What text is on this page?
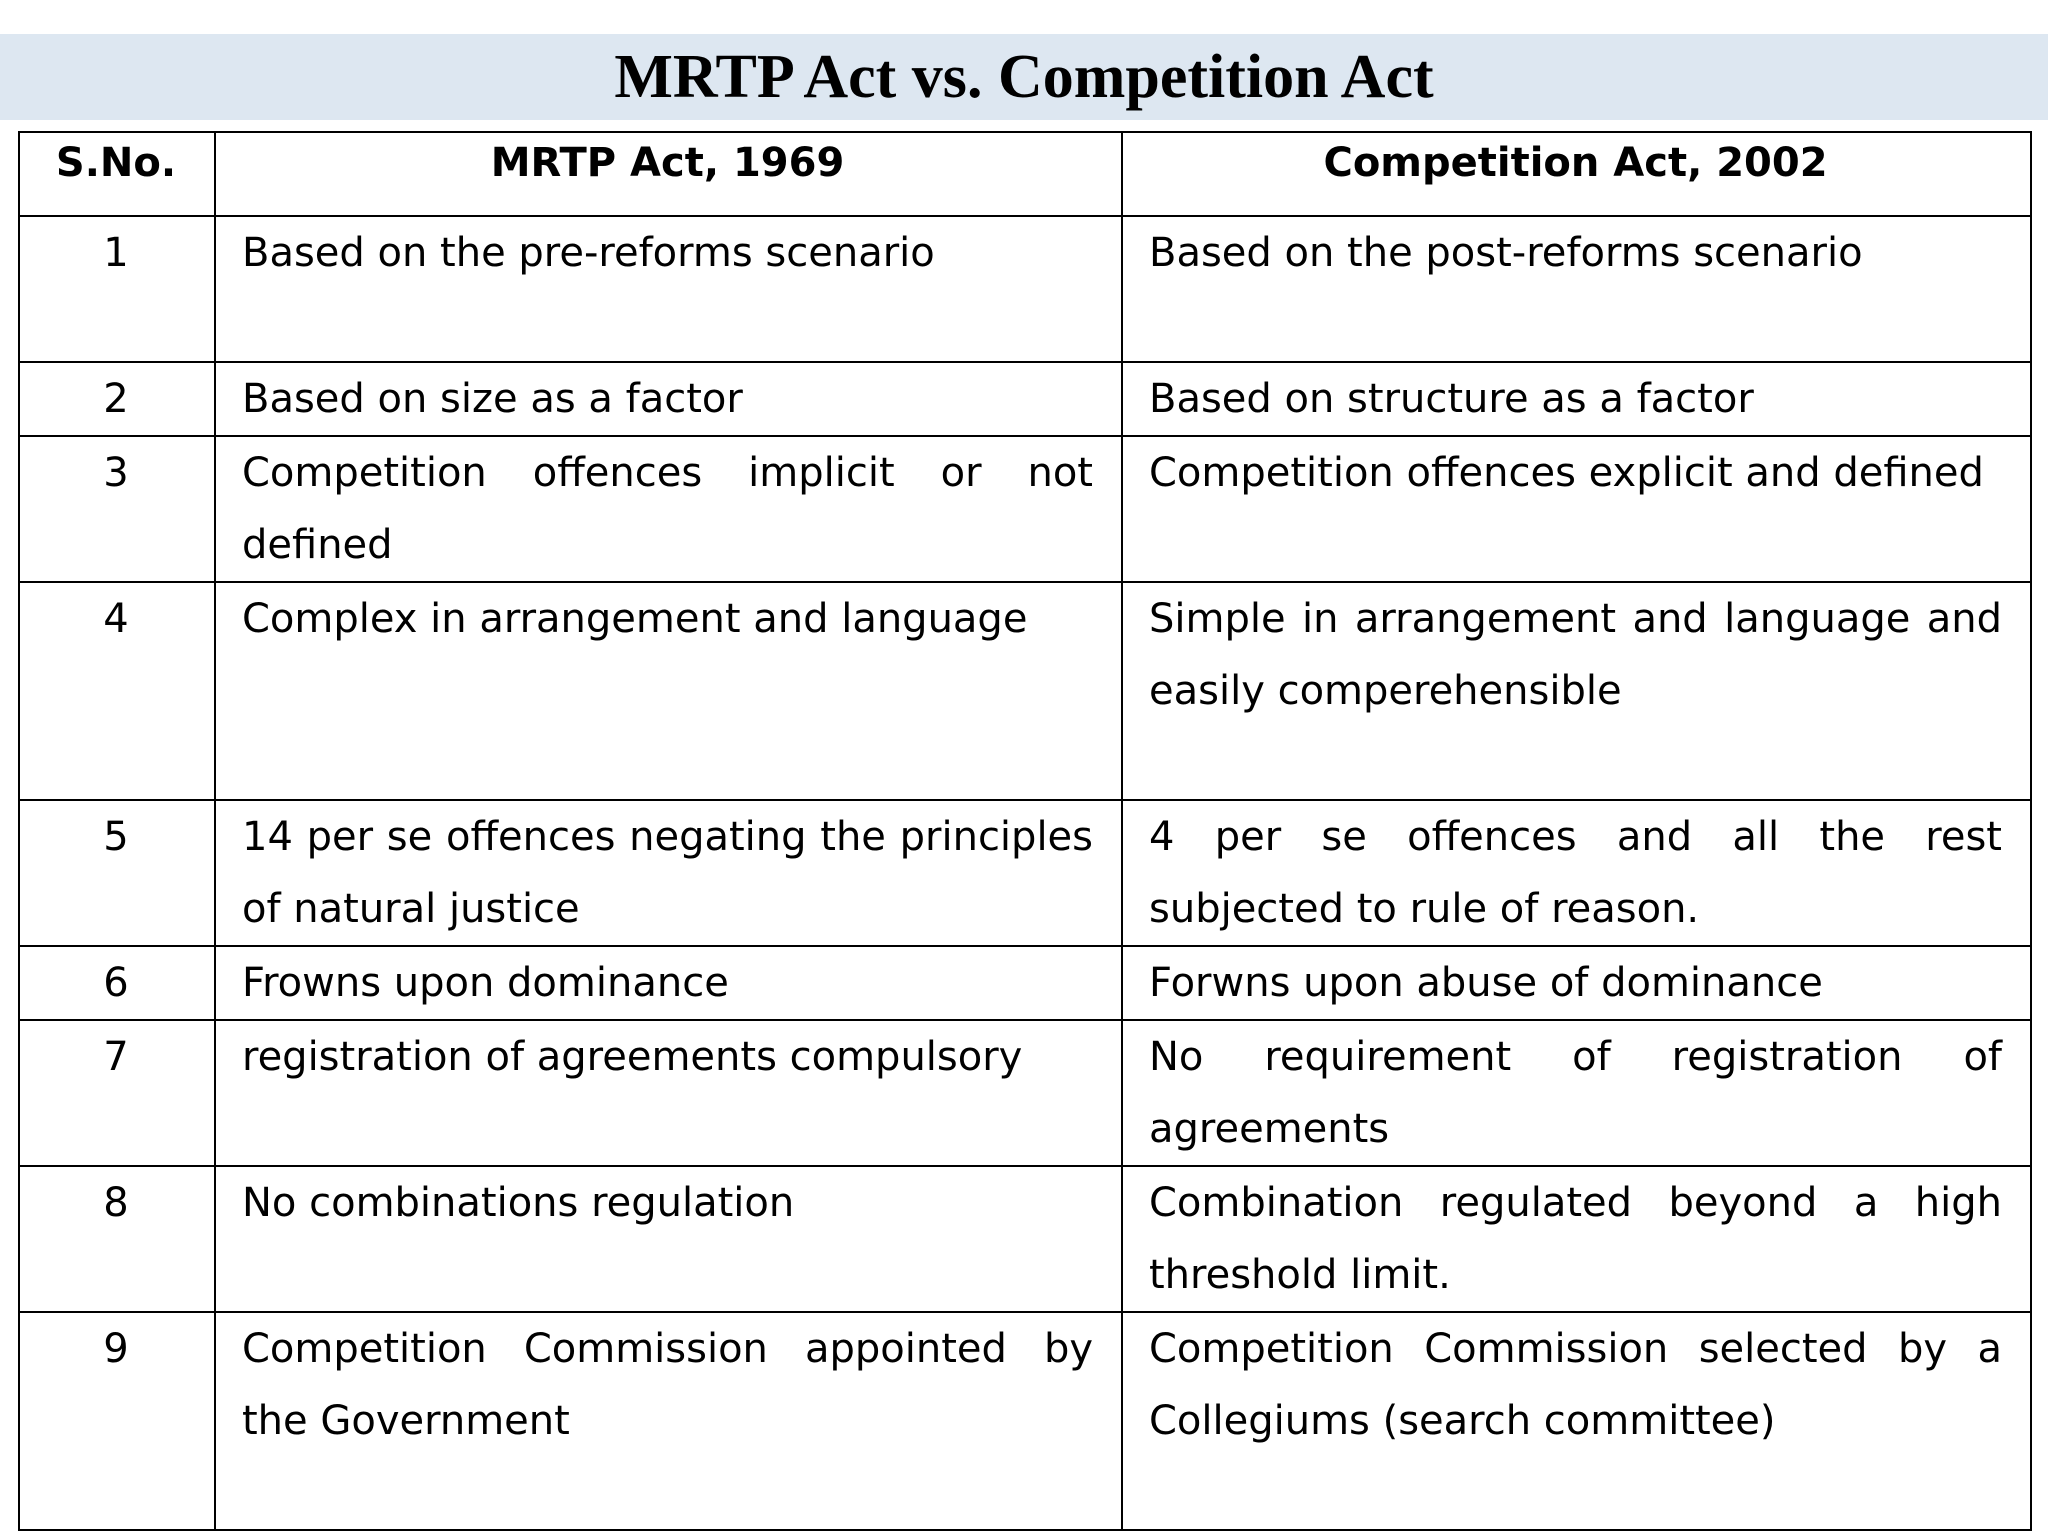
MRTP Act vs. Competition Act
S.No.	MRTP Act, 1969	Competition Act, 2002
1	Based on the pre-reforms scenario	Based on the post-reforms scenario
2	Based on size as a factor	Based on structure as a factor
3	Competition offences implicit or not defined	Competition offences explicit and defined
4	Complex in arrangement and language	Simple in arrangement and language and easily comperehensible
5	14 per se offences negating the principles of natural justice	4 per se offences and all the rest subjected to rule of reason.
6	Frowns upon dominance	Forwns upon abuse of dominance
7	registration of agreements compulsory	No requirement of registration of agreements
8	No combinations regulation	Combination regulated beyond a high threshold limit.
9	Competition Commission appointed by the Government	Competition Commission selected by a Collegiums (search committee)
